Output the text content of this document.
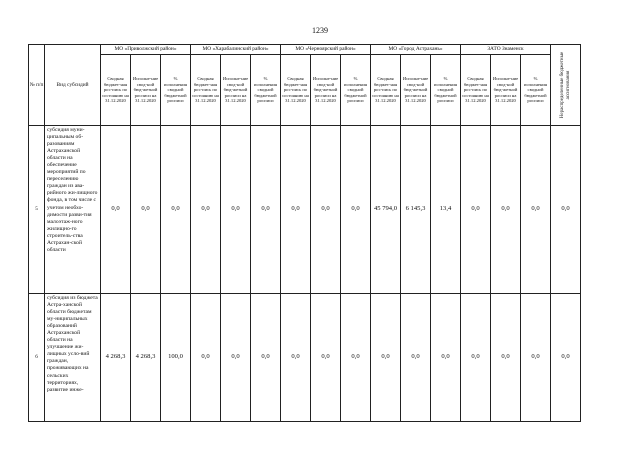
1239
№ п/п	Вид субсидий	МО «Приволжский район»			МО «Харабалинский район»			МО «Черноярский район»			МО «Город Астрахань»			ЗАТО Знаменск			Нераспределенные бюджетные ассигнования

		Сводная бюджет-ная рос-пись по состоянию на 31.12.2020	Исполне-ние свод-ной бюд-жетной росписи на 31.12.2020	% исполнения сводной бюджетной росписи	Сводная бюджет-ная рос-пись по состоянию на 31.12.2020	Исполне-ние свод-ной бюд-жетной росписи на 31.12.2020	% исполнения сводной бюджетной росписи	Сводная бюджет-ная рос-пись по состоянию на 31.12.2020	Исполне-ние свод-ной бюд-жетной росписи на 31.12.2020	% исполнения сводной бюджетной росписи	Сводная бюджет-ная рос-пись по состоянию на 31.12.2020	Исполне-ние свод-ной бюд-жетной росписи на 31.12.2020	% исполнения сводной бюджетной росписи	Сводная бюджет-ная рос-пись по состоянию на 31.12.2020	Исполне-ние свод-ной бюд-жетной росписи на 31.12.2020	% исполнения сводной бюджетной росписи	
5	субсидия муни-ципальным об-разованиям Астраханской области на обеспечение мероприятий по переселению граждан из ава-рийного жи-лищного фонда, в том числе с учетом необхо-димости разви-тия малоэтаж-ного жилищно-го строитель-ства Астрахан-ской области	0,0	0,0	0,0	0,0	0,0	0,0	0,0	0,0	0,0	45 794,0	6 145,3	13,4	0,0	0,0	0,0	0,0
6	субсидия из бюджета Астра-ханской области бюджетам му-ниципальных образований Астраханской области на улучшение жи-лищных усло-вий граждан, проживающих на сельских территориях, развитие инже-	4 268,3	4 268,3	100,0	0,0	0,0	0,0	0,0	0,0	0,0	0,0	0,0	0,0	0,0	0,0	0,0	0,0
